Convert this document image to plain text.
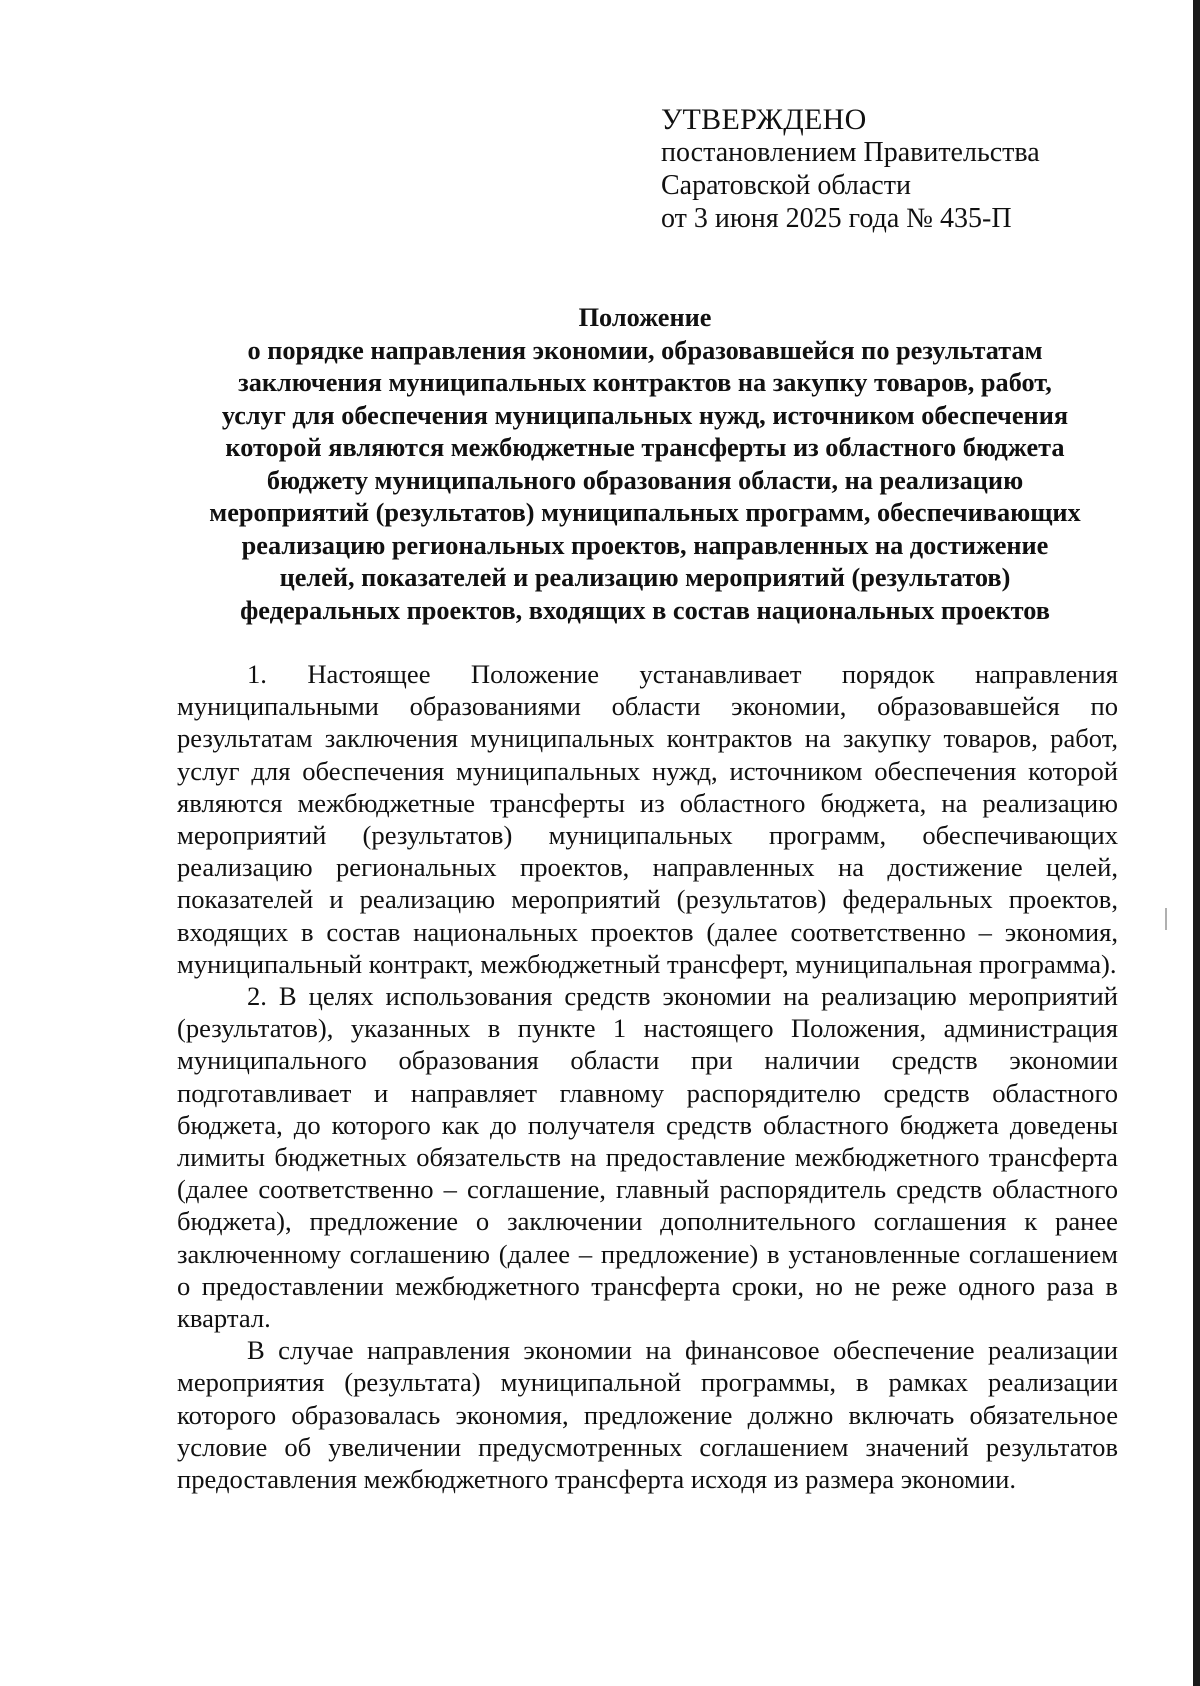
УТВЕРЖДЕНО
постановлением Правительства
Саратовской области
от 3 июня 2025 года № 435-П
Положение
о порядке направления экономии, образовавшейся по результатам
заключения муниципальных контрактов на закупку товаров, работ,
услуг для обеспечения муниципальных нужд, источником обеспечения
которой являются межбюджетные трансферты из областного бюджета
бюджету муниципального образования области, на реализацию
мероприятий (результатов) муниципальных программ, обеспечивающих
реализацию региональных проектов, направленных на достижение
целей, показателей и реализацию мероприятий (результатов)
федеральных проектов, входящих в состав национальных проектов

1. Настоящее Положение устанавливает порядок направления муниципальными образованиями области экономии, образовавшейся по результатам заключения муниципальных контрактов на закупку товаров, работ, услуг для обеспечения муниципальных нужд, источником обеспечения которой являются межбюджетные трансферты из областного бюджета, на реализацию мероприятий (результатов) муниципальных программ, обеспечивающих реализацию региональных проектов, направленных на достижение целей, показателей и реализацию мероприятий (результатов) федеральных проектов, входящих в состав национальных проектов (далее соответственно – экономия, муниципальный контракт, межбюджетный трансферт, муниципальная программа).

2. В целях использования средств экономии на реализацию мероприятий (результатов), указанных в пункте 1 настоящего Положения, администрация муниципального образования области при наличии средств экономии подготавливает и направляет главному распорядителю средств областного бюджета, до которого как до получателя средств областного бюджета доведены лимиты бюджетных обязательств на предоставление межбюджетного трансферта (далее соответственно – соглашение, главный распорядитель средств областного бюджета), предложение о заключении дополнительного соглашения к ранее заключенному соглашению (далее – предложение) в установленные соглашением о предоставлении межбюджетного трансферта сроки, но не реже одного раза в квартал.

В случае направления экономии на финансовое обеспечение реализации мероприятия (результата) муниципальной программы, в рамках реализации которого образовалась экономия, предложение должно включать обязательное условие об увеличении предусмотренных соглашением значений результатов предоставления межбюджетного трансферта исходя из размера экономии.
